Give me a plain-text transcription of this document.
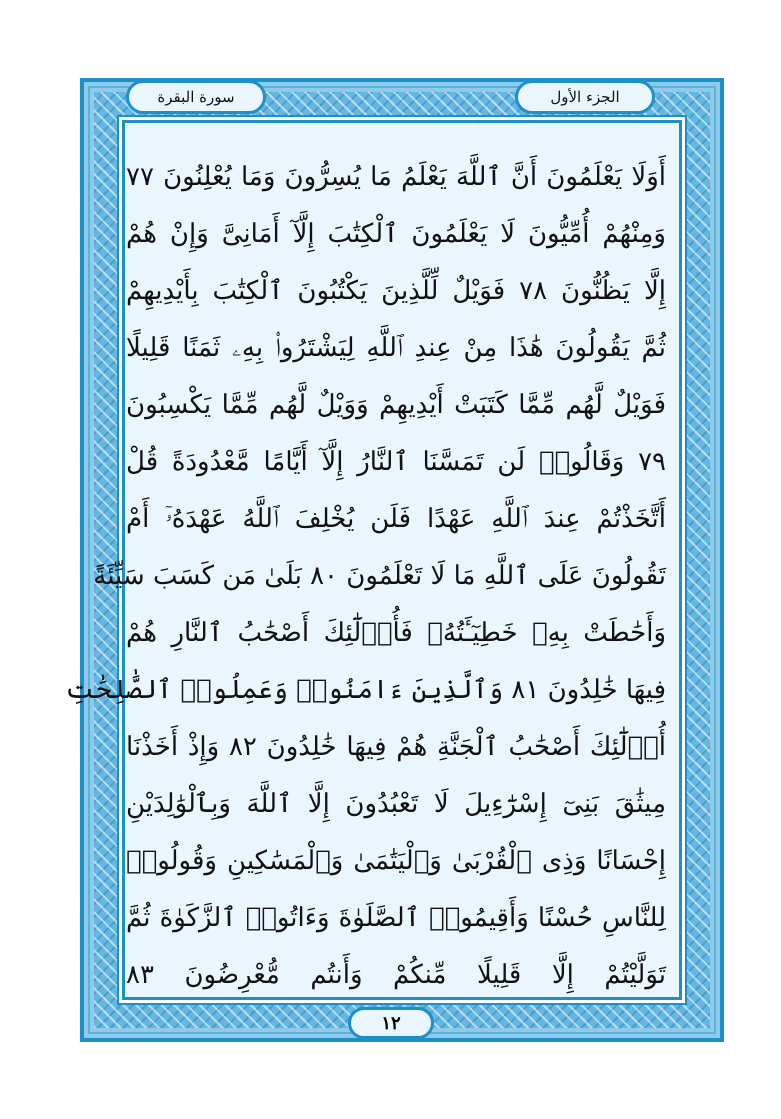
سورة البقرة	الجزء الأول
أَوَلَا يَعْلَمُونَ أَنَّ ٱللَّهَ يَعْلَمُ مَا يُسِرُّونَ وَمَا يُعْلِنُونَ ٧٧
وَمِنْهُمْ أُمِّيُّونَ لَا يَعْلَمُونَ ٱلْكِتَٰبَ إِلَّآ أَمَانِىَّ وَإِنْ هُمْ
إِلَّا يَظُنُّونَ ٧٨ فَوَيْلٌ لِّلَّذِينَ يَكْتُبُونَ ٱلْكِتَٰبَ بِأَيْدِيهِمْ
ثُمَّ يَقُولُونَ هَٰذَا مِنْ عِندِ ٱللَّهِ لِيَشْتَرُوا۟ بِهِۦ ثَمَنًا قَلِيلًا
فَوَيْلٌ لَّهُم مِّمَّا كَتَبَتْ أَيْدِيهِمْ وَوَيْلٌ لَّهُم مِّمَّا يَكْسِبُونَ
٧٩ وَقَالُوا۟ لَن تَمَسَّنَا ٱلنَّارُ إِلَّآ أَيَّامًا مَّعْدُودَةً قُلْ
أَتَّخَذْتُمْ عِندَ ٱللَّهِ عَهْدًا فَلَن يُخْلِفَ ٱللَّهُ عَهْدَهُۥٓ أَمْ
تَقُولُونَ عَلَى ٱللَّهِ مَا لَا تَعْلَمُونَ ٨٠ بَلَىٰ مَن كَسَبَ سَيِّئَةً
وَأَحَٰطَتْ بِهِۦ خَطِيٓـَٔتُهُۥ فَأُو۟لَٰٓئِكَ أَصْحَٰبُ ٱلنَّارِ هُمْ
فِيهَا خَٰلِدُونَ ٨١ وَٱلَّذِينَ ءَامَنُوا۟ وَعَمِلُوا۟ ٱلصَّٰلِحَٰتِ
أُو۟لَٰٓئِكَ أَصْحَٰبُ ٱلْجَنَّةِ هُمْ فِيهَا خَٰلِدُونَ ٨٢ وَإِذْ أَخَذْنَا
مِيثَٰقَ بَنِىٓ إِسْرَٰٓءِيلَ لَا تَعْبُدُونَ إِلَّا ٱللَّهَ وَبِٱلْوَٰلِدَيْنِ
إِحْسَانًا وَذِى ٱلْقُرْبَىٰ وَٱلْيَتَٰمَىٰ وَٱلْمَسَٰكِينِ وَقُولُوا۟
لِلنَّاسِ حُسْنًا وَأَقِيمُوا۟ ٱلصَّلَوٰةَ وَءَاتُوا۟ ٱلزَّكَوٰةَ ثُمَّ
تَوَلَّيْتُمْ إِلَّا قَلِيلًا مِّنكُمْ وَأَنتُم مُّعْرِضُونَ ٨٣
١٢
